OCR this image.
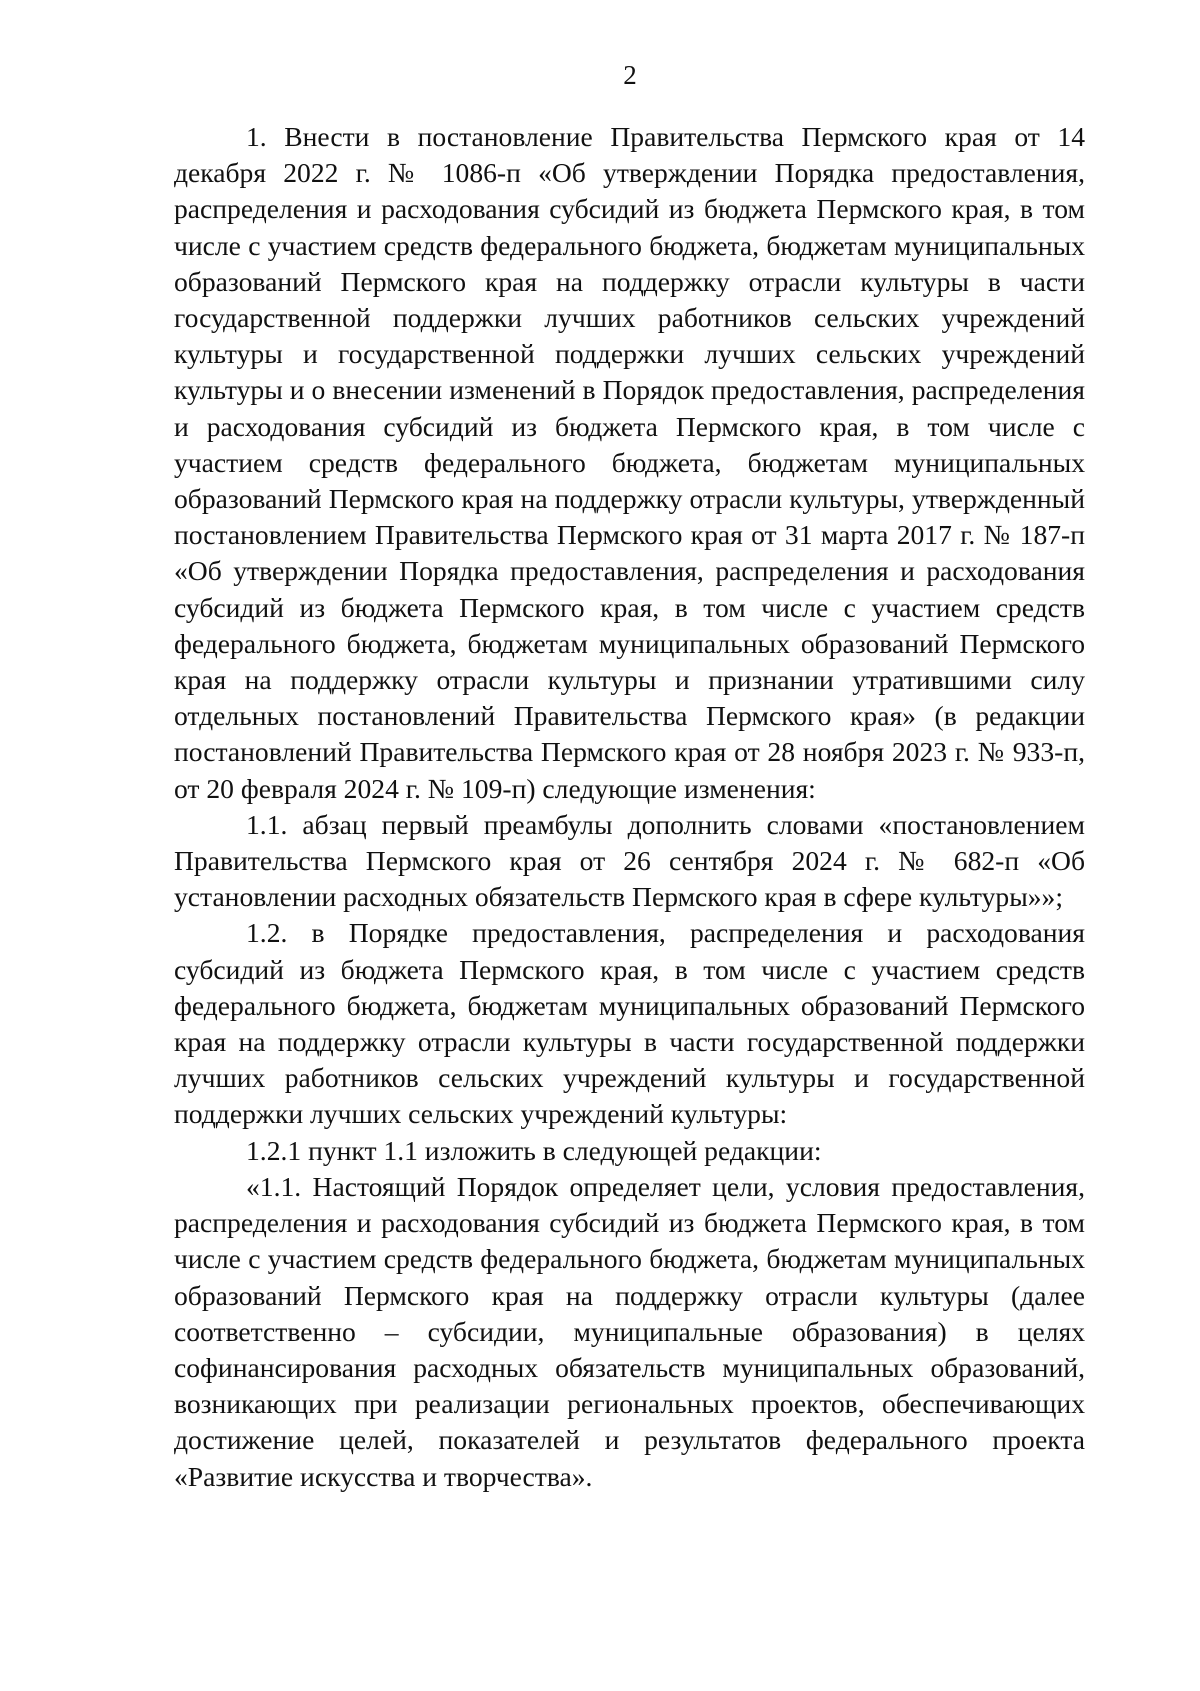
2

1. Внести в постановление Правительства Пермского края от 14 декабря 2022 г. № 1086-п «Об утверждении Порядка предоставления, распределения и расходования субсидий из бюджета Пермского края, в том числе с участием средств федерального бюджета, бюджетам муниципальных образований Пермского края на поддержку отрасли культуры в части государственной поддержки лучших работников сельских учреждений культуры и государственной поддержки лучших сельских учреждений культуры и о внесении изменений в Порядок предоставления, распределения и расходования субсидий из бюджета Пермского края, в том числе с участием средств федерального бюджета, бюджетам муниципальных образований Пермского края на поддержку отрасли культуры, утвержденный постановлением Правительства Пермского края от 31 марта 2017 г. № 187-п «Об утверждении Порядка предоставления, распределения и расходования субсидий из бюджета Пермского края, в том числе с участием средств федерального бюджета, бюджетам муниципальных образований Пермского края на поддержку отрасли культуры и признании утратившими силу отдельных постановлений Правительства Пермского края» (в редакции постановлений Правительства Пермского края от 28 ноября 2023 г. № 933-п, от 20 февраля 2024 г. № 109-п) следующие изменения:

1.1. абзац первый преамбулы дополнить словами «постановлением Правительства Пермского края от 26 сентября 2024 г. № 682-п «Об установлении расходных обязательств Пермского края в сфере культуры»»;

1.2. в Порядке предоставления, распределения и расходования субсидий из бюджета Пермского края, в том числе с участием средств федерального бюджета, бюджетам муниципальных образований Пермского края на поддержку отрасли культуры в части государственной поддержки лучших работников сельских учреждений культуры и государственной поддержки лучших сельских учреждений культуры:

1.2.1 пункт 1.1 изложить в следующей редакции:

«1.1. Настоящий Порядок определяет цели, условия предоставления, распределения и расходования субсидий из бюджета Пермского края, в том числе с участием средств федерального бюджета, бюджетам муниципальных образований Пермского края на поддержку отрасли культуры (далее соответственно – субсидии, муниципальные образования) в целях софинансирования расходных обязательств муниципальных образований, возникающих при реализации региональных проектов, обеспечивающих достижение целей, показателей и результатов федерального проекта «Развитие искусства и творчества».
